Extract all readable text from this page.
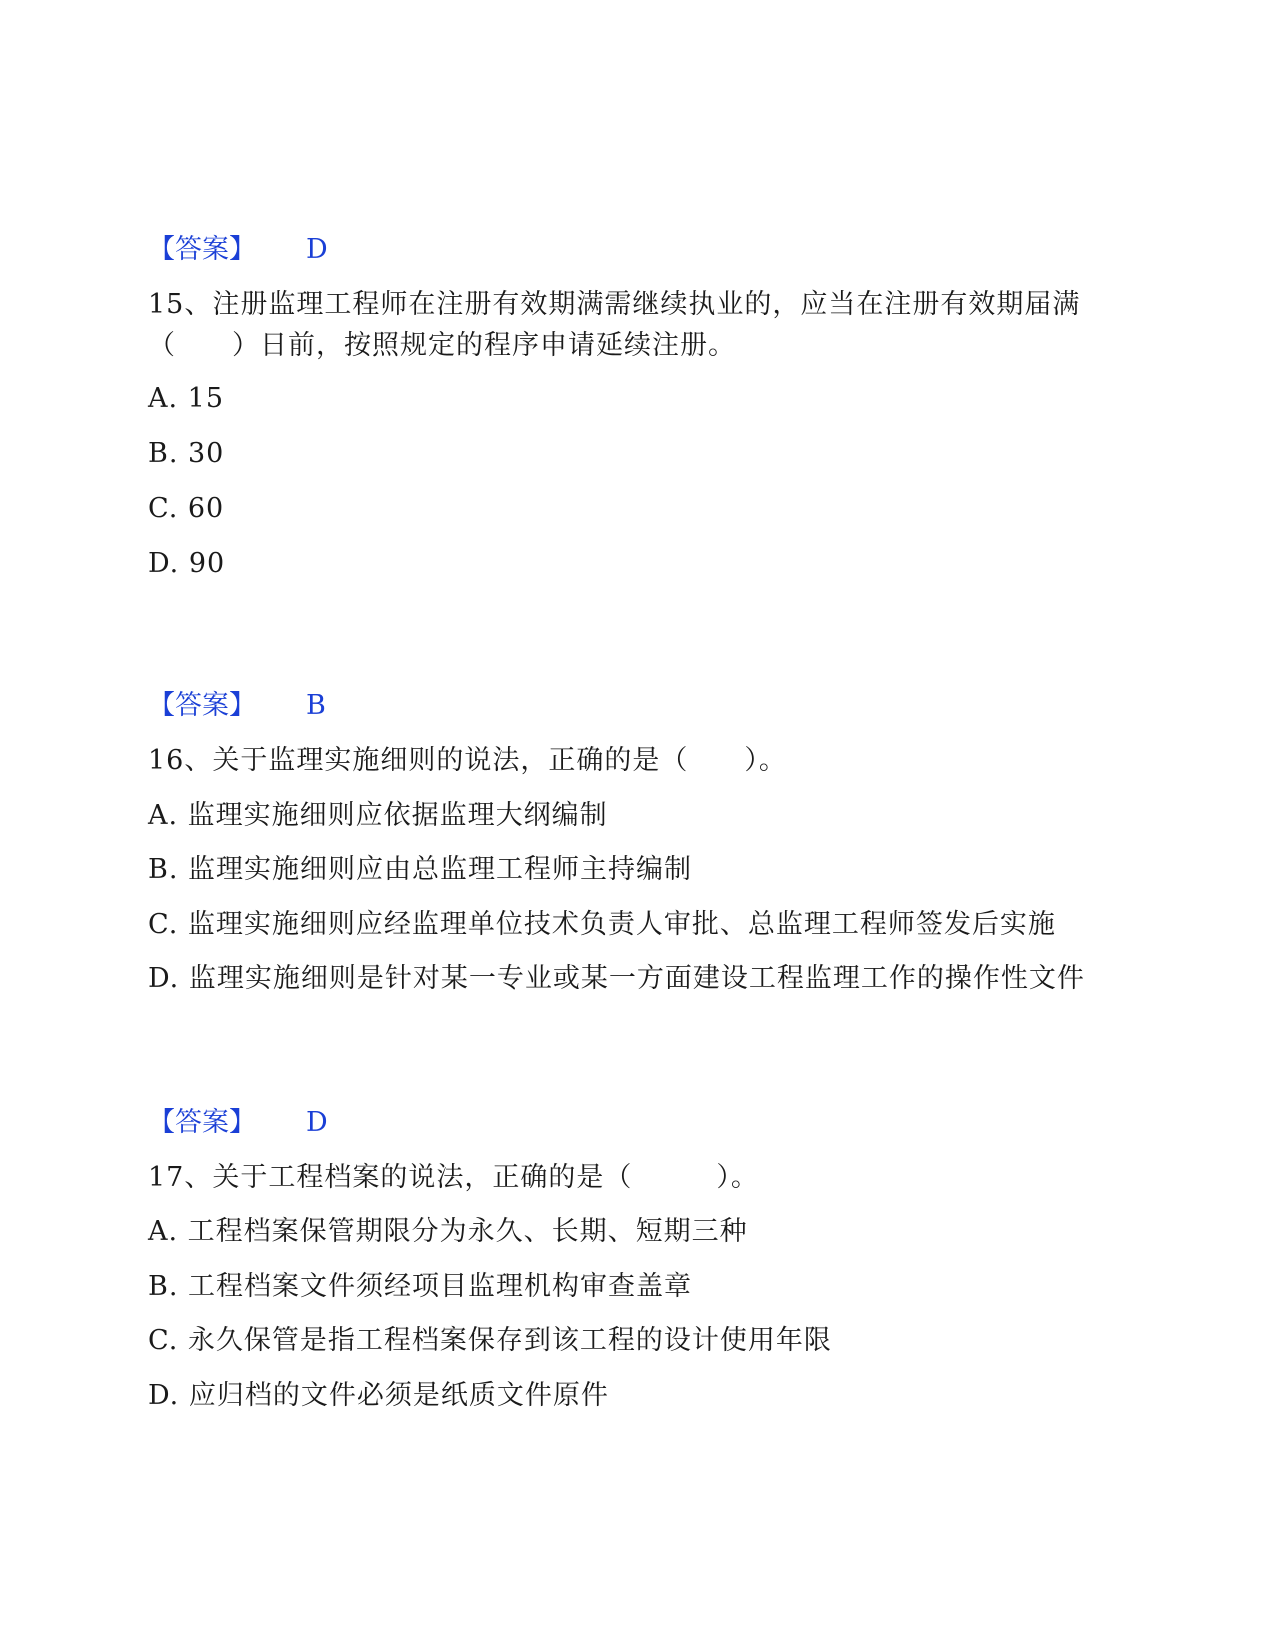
【答案】 D
15、注册监理工程师在注册有效期满需继续执业的，应当在注册有效期届满
（　　）日前，按照规定的程序申请延续注册。
A. 15
B. 30
C. 60
D. 90
【答案】 B
16、关于监理实施细则的说法，正确的是（　　）。
A. 监理实施细则应依据监理大纲编制
B. 监理实施细则应由总监理工程师主持编制
C. 监理实施细则应经监理单位技术负责人审批、总监理工程师签发后实施
D. 监理实施细则是针对某一专业或某一方面建设工程监理工作的操作性文件
【答案】 D
17、关于工程档案的说法，正确的是（　　　）。
A. 工程档案保管期限分为永久、长期、短期三种
B. 工程档案文件须经项目监理机构审查盖章
C. 永久保管是指工程档案保存到该工程的设计使用年限
D. 应归档的文件必须是纸质文件原件
